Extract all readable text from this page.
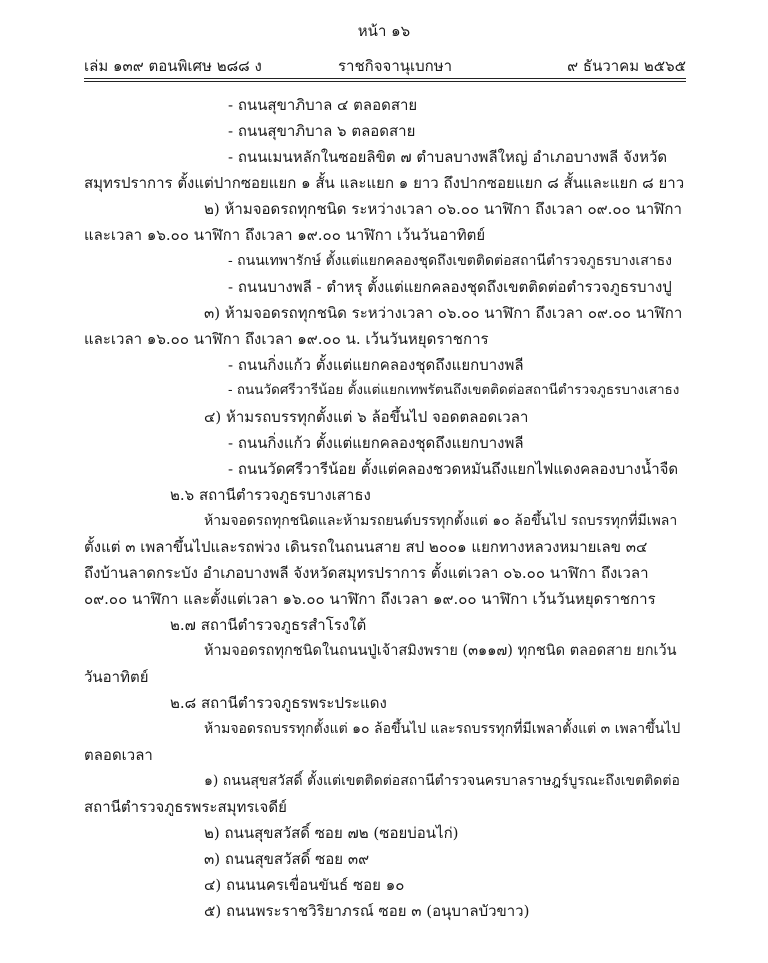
หน้า ๑๖
เล่ม ๑๓๙ ตอนพิเศษ ๒๘๘ ง	ราชกิจจานุเบกษา	๙ ธันวาคม ๒๕๖๕
- ถนนสุขาภิบาล ๔ ตลอดสาย
- ถนนสุขาภิบาล ๖ ตลอดสาย
- ถนนเมนหลักในซอยลิขิต ๗ ตำบลบางพลีใหญ่ อำเภอบางพลี จังหวัด
สมุทรปราการ ตั้งแต่ปากซอยแยก ๑ สั้น และแยก ๑ ยาว ถึงปากซอยแยก ๘ สั้นและแยก ๘ ยาว
๒) ห้ามจอดรถทุกชนิด ระหว่างเวลา ๐๖.๐๐ นาฬิกา ถึงเวลา ๐๙.๐๐ นาฬิกา
และเวลา ๑๖.๐๐ นาฬิกา ถึงเวลา ๑๙.๐๐ นาฬิกา เว้นวันอาทิตย์
- ถนนเทพารักษ์ ตั้งแต่แยกคลองชุดถึงเขตติดต่อสถานีตำรวจภูธรบางเสาธง
- ถนนบางพลี - ตำหรุ ตั้งแต่แยกคลองชุดถึงเขตติดต่อตำรวจภูธรบางปู
๓) ห้ามจอดรถทุกชนิด ระหว่างเวลา ๐๖.๐๐ นาฬิกา ถึงเวลา ๐๙.๐๐ นาฬิกา
และเวลา ๑๖.๐๐ นาฬิกา ถึงเวลา ๑๙.๐๐ น. เว้นวันหยุดราชการ
- ถนนกิ่งแก้ว ตั้งแต่แยกคลองชุดถึงแยกบางพลี
- ถนนวัดศรีวารีน้อย ตั้งแต่แยกเทพรัตนถึงเขตติดต่อสถานีตำรวจภูธรบางเสาธง
๔) ห้ามรถบรรทุกตั้งแต่ ๖ ล้อขึ้นไป จอดตลอดเวลา
- ถนนกิ่งแก้ว ตั้งแต่แยกคลองชุดถึงแยกบางพลี
- ถนนวัดศรีวารีน้อย ตั้งแต่คลองชวดหมันถึงแยกไฟแดงคลองบางน้ำจืด
๒.๖ สถานีตำรวจภูธรบางเสาธง
ห้ามจอดรถทุกชนิดและห้ามรถยนต์บรรทุกตั้งแต่ ๑๐ ล้อขึ้นไป รถบรรทุกที่มีเพลา
ตั้งแต่ ๓ เพลาขึ้นไปและรถพ่วง เดินรถในถนนสาย สป ๒๐๐๑ แยกทางหลวงหมายเลข ๓๔
ถึงบ้านลาดกระบัง อำเภอบางพลี จังหวัดสมุทรปราการ ตั้งแต่เวลา ๐๖.๐๐ นาฬิกา ถึงเวลา
๐๙.๐๐ นาฬิกา และตั้งแต่เวลา ๑๖.๐๐ นาฬิกา ถึงเวลา ๑๙.๐๐ นาฬิกา เว้นวันหยุดราชการ
๒.๗ สถานีตำรวจภูธรสำโรงใต้
ห้ามจอดรถทุกชนิดในถนนปู่เจ้าสมิงพราย (๓๑๑๗) ทุกชนิด ตลอดสาย ยกเว้น
วันอาทิตย์
๒.๘ สถานีตำรวจภูธรพระประแดง
ห้ามจอดรถบรรทุกตั้งแต่ ๑๐ ล้อขึ้นไป และรถบรรทุกที่มีเพลาตั้งแต่ ๓ เพลาขึ้นไป
ตลอดเวลา
๑) ถนนสุขสวัสดิ์ ตั้งแต่เขตติดต่อสถานีตำรวจนครบาลราษฎร์บูรณะถึงเขตติดต่อ
สถานีตำรวจภูธรพระสมุทรเจดีย์
๒) ถนนสุขสวัสดิ์ ซอย ๗๒ (ซอยบ่อนไก่)
๓) ถนนสุขสวัสดิ์ ซอย ๓๙
๔) ถนนนครเขื่อนขันธ์ ซอย ๑๐
๕) ถนนพระราชวิริยาภรณ์ ซอย ๓ (อนุบาลบัวขาว)
